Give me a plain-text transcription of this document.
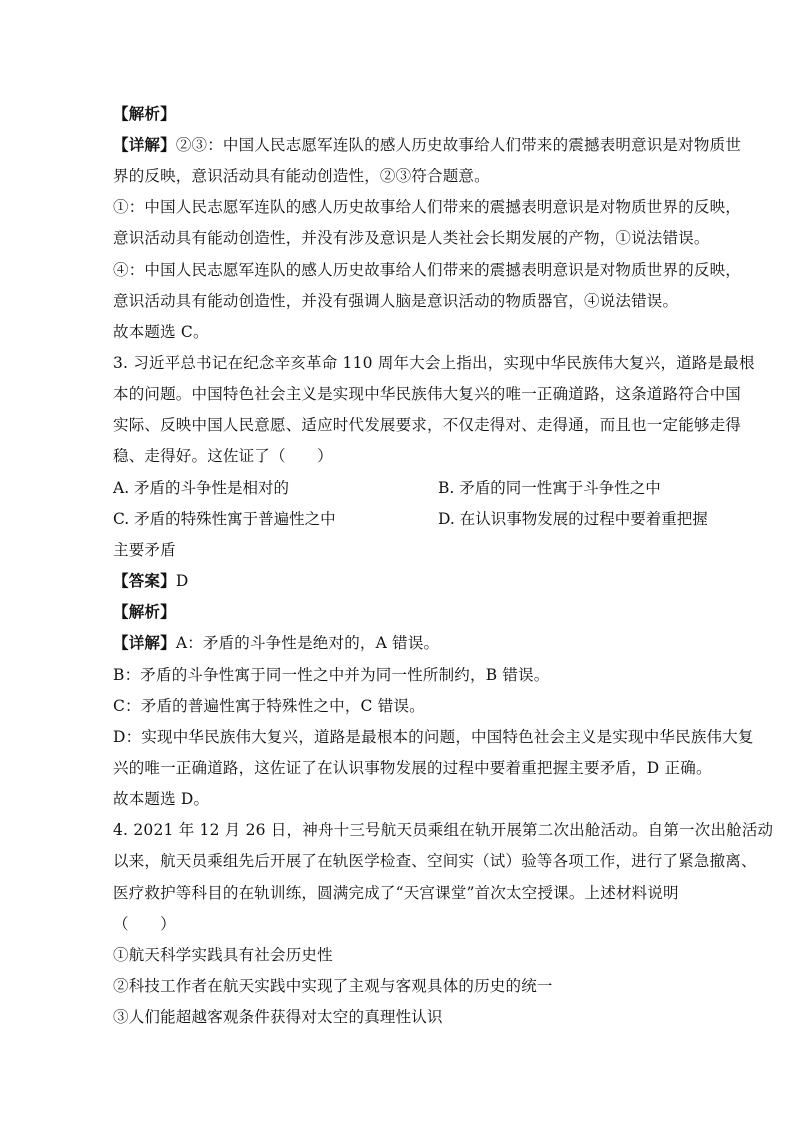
【解析】
【详解】②③：中国人民志愿军连队的感人历史故事给人们带来的震撼表明意识是对物质世
界的反映，意识活动具有能动创造性，②③符合题意。
①：中国人民志愿军连队的感人历史故事给人们带来的震撼表明意识是对物质世界的反映，
意识活动具有能动创造性，并没有涉及意识是人类社会长期发展的产物，①说法错误。
④：中国人民志愿军连队的感人历史故事给人们带来的震撼表明意识是对物质世界的反映，
意识活动具有能动创造性，并没有强调人脑是意识活动的物质器官，④说法错误。
故本题选 C。
3. 习近平总书记在纪念辛亥革命 110 周年大会上指出，实现中华民族伟大复兴，道路是最根
本的问题。中国特色社会主义是实现中华民族伟大复兴的唯一正确道路，这条道路符合中国
实际、反映中国人民意愿、适应时代发展要求，不仅走得对、走得通，而且也一定能够走得
稳、走得好。这佐证了（　　）
A. 矛盾的斗争性是相对的	B. 矛盾的同一性寓于斗争性之中
C. 矛盾的特殊性寓于普遍性之中	D. 在认识事物发展的过程中要着重把握
主要矛盾
【答案】D
【解析】
【详解】A：矛盾的斗争性是绝对的，A 错误。
B：矛盾的斗争性寓于同一性之中并为同一性所制约，B 错误。
C：矛盾的普遍性寓于特殊性之中，C 错误。
D：实现中华民族伟大复兴，道路是最根本的问题，中国特色社会主义是实现中华民族伟大复
兴的唯一正确道路，这佐证了在认识事物发展的过程中要着重把握主要矛盾，D 正确。
故本题选 D。
4. 2021 年 12 月 26 日，神舟十三号航天员乘组在轨开展第二次出舱活动。自第一次出舱活动
以来，航天员乘组先后开展了在轨医学检查、空间实（试）验等各项工作，进行了紧急撤离、
医疗救护等科目的在轨训练，圆满完成了“天宫课堂”首次太空授课。上述材料说明
（　　）
①航天科学实践具有社会历史性
②科技工作者在航天实践中实现了主观与客观具体的历史的统一
③人们能超越客观条件获得对太空的真理性认识
